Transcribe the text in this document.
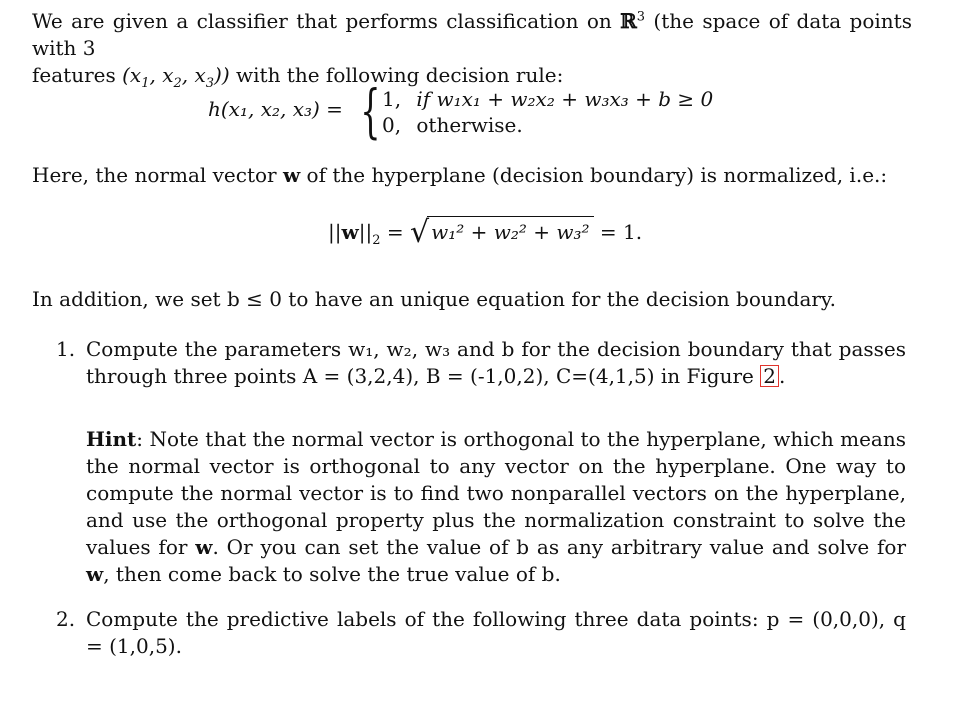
We are given a classifier that performs classification on ℝ$^3$ (the space of data points with 3
features ($x_1$, $x_2$, $x_3$)) with the following decision rule:

h(x₁, x₂, x₃) = { 1, if w₁x₁ + w₂x₂ + w₃x₃ + b ≥ 0
0, otherwise.

Here, the normal vector w of the hyperplane (decision boundary) is normalized, i.e.:

$||w||_2$ = √ w₁² + w₂² + w₃² = 1.

In addition, we set b ≤ 0 to have an unique equation for the decision boundary.

1. Compute the parameters w₁, w₂, w₃ and b for the decision boundary that passes through three points A = (3,2,4), B = (-1,0,2), C=(4,1,5) in Figure 2 .
Hint: Note that the normal vector is orthogonal to the hyperplane, which means the normal vector is orthogonal to any vector on the hyperplane. One way to compute the normal vector is to find two nonparallel vectors on the hyperplane, and use the orthogonal property plus the normalization constraint to solve the values for w. Or you can set the value of b as any arbitrary value and solve for w, then come back to solve the true value of b.
2. Compute the predictive labels of the following three data points: p = (0,0,0), q = (1,0,5).
